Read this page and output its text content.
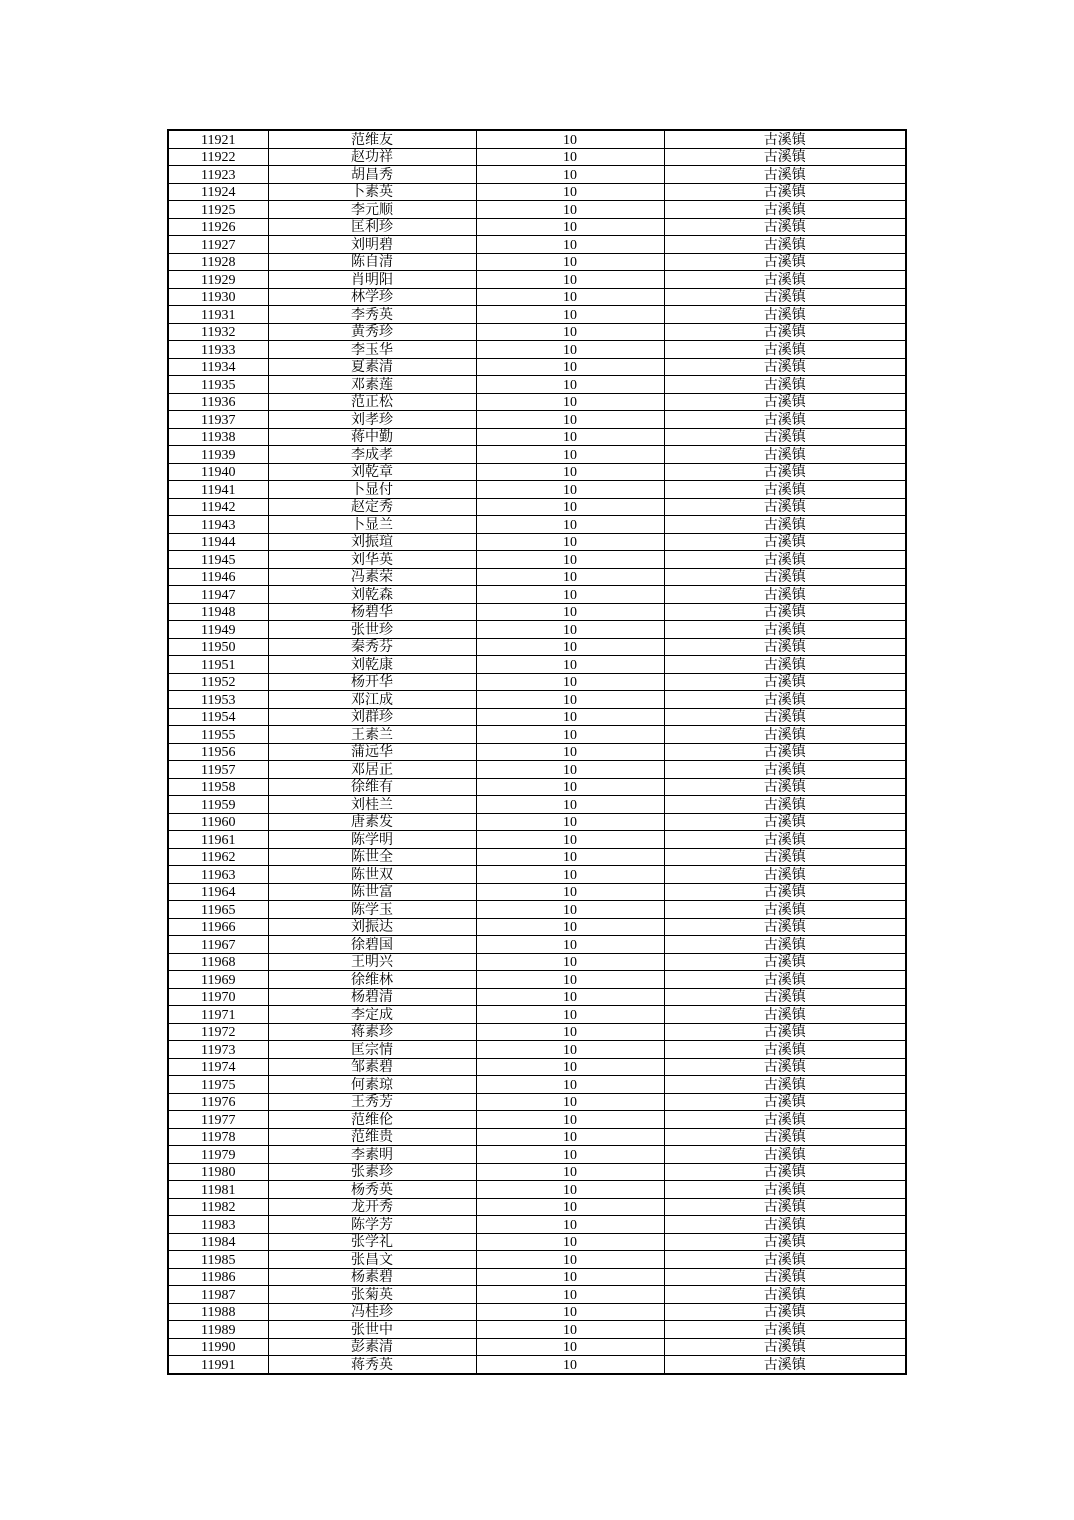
11921	范维友	10	古溪镇
11922	赵功祥	10	古溪镇
11923	胡昌秀	10	古溪镇
11924	卜素英	10	古溪镇
11925	李元顺	10	古溪镇
11926	匡利珍	10	古溪镇
11927	刘明碧	10	古溪镇
11928	陈自清	10	古溪镇
11929	肖明阳	10	古溪镇
11930	林学珍	10	古溪镇
11931	李秀英	10	古溪镇
11932	黄秀珍	10	古溪镇
11933	李玉华	10	古溪镇
11934	夏素清	10	古溪镇
11935	邓素莲	10	古溪镇
11936	范正松	10	古溪镇
11937	刘孝珍	10	古溪镇
11938	蒋中勤	10	古溪镇
11939	李成孝	10	古溪镇
11940	刘乾章	10	古溪镇
11941	卜显付	10	古溪镇
11942	赵定秀	10	古溪镇
11943	卜显兰	10	古溪镇
11944	刘振瑄	10	古溪镇
11945	刘华英	10	古溪镇
11946	冯素荣	10	古溪镇
11947	刘乾森	10	古溪镇
11948	杨碧华	10	古溪镇
11949	张世珍	10	古溪镇
11950	秦秀芬	10	古溪镇
11951	刘乾康	10	古溪镇
11952	杨开华	10	古溪镇
11953	邓江成	10	古溪镇
11954	刘群珍	10	古溪镇
11955	王素兰	10	古溪镇
11956	蒲远华	10	古溪镇
11957	邓居正	10	古溪镇
11958	徐维有	10	古溪镇
11959	刘桂兰	10	古溪镇
11960	唐素发	10	古溪镇
11961	陈学明	10	古溪镇
11962	陈世全	10	古溪镇
11963	陈世双	10	古溪镇
11964	陈世富	10	古溪镇
11965	陈学玉	10	古溪镇
11966	刘振达	10	古溪镇
11967	徐碧国	10	古溪镇
11968	王明兴	10	古溪镇
11969	徐维林	10	古溪镇
11970	杨碧清	10	古溪镇
11971	李定成	10	古溪镇
11972	蒋素珍	10	古溪镇
11973	匡宗情	10	古溪镇
11974	邹素碧	10	古溪镇
11975	何素琼	10	古溪镇
11976	王秀芳	10	古溪镇
11977	范维伦	10	古溪镇
11978	范维贵	10	古溪镇
11979	李素明	10	古溪镇
11980	张素珍	10	古溪镇
11981	杨秀英	10	古溪镇
11982	龙开秀	10	古溪镇
11983	陈学芳	10	古溪镇
11984	张学礼	10	古溪镇
11985	张昌文	10	古溪镇
11986	杨素碧	10	古溪镇
11987	张菊英	10	古溪镇
11988	冯桂珍	10	古溪镇
11989	张世中	10	古溪镇
11990	彭素清	10	古溪镇
11991	蒋秀英	10	古溪镇
